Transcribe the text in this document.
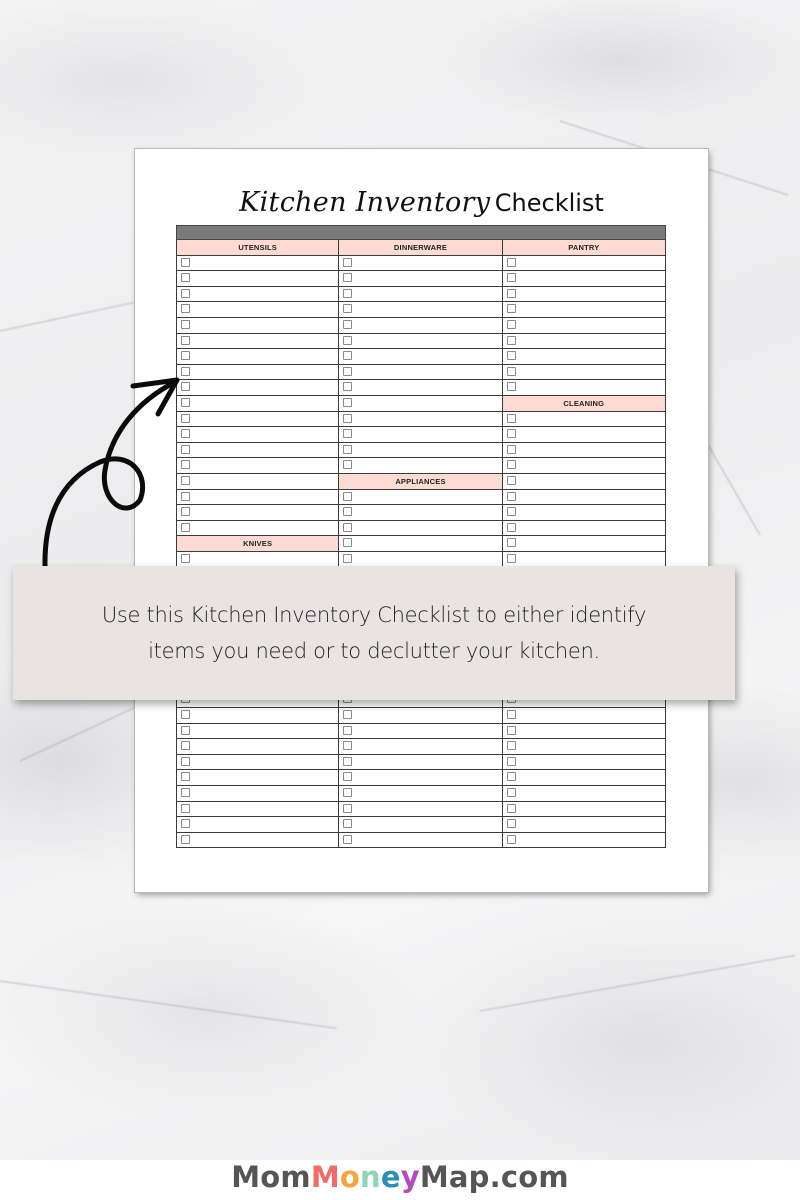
Kitchen Inventory Checklist
UTENSILS
KNIVES
DINNERWARE
APPLIANCES
PANTRY
CLEANING

Use this Kitchen Inventory Checklist to either identify
items you need or to declutter your kitchen.

MomMoneyMap.com
